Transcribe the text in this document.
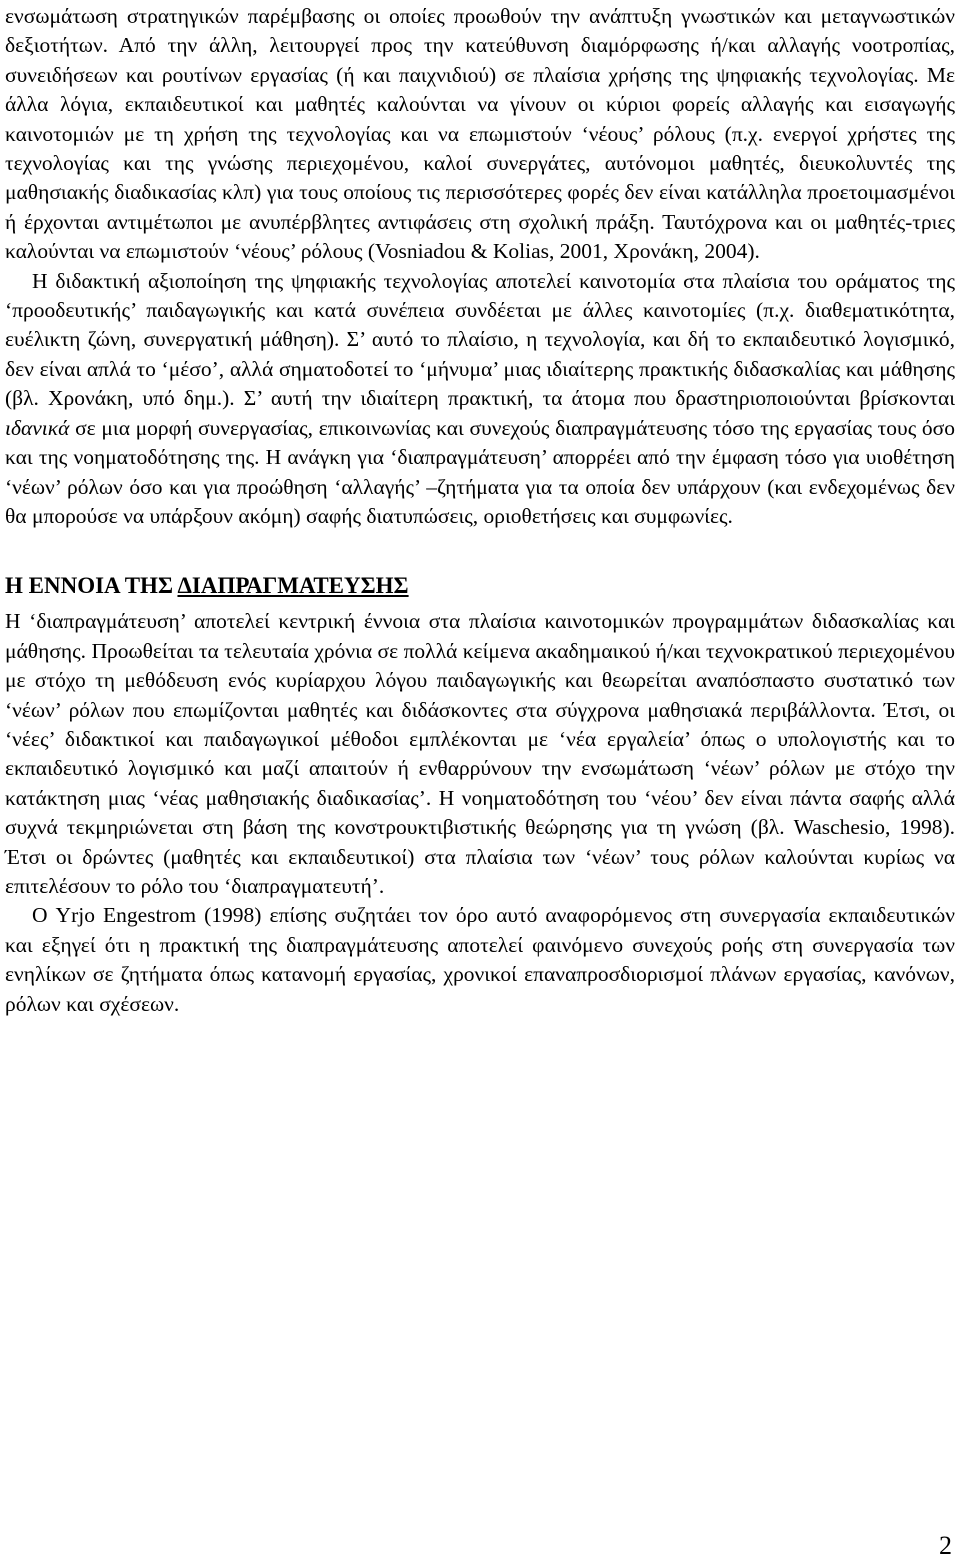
ενσωμάτωση στρατηγικών παρέμβασης οι οποίες προωθούν την ανάπτυξη γνωστικών και μεταγνωστικών δεξιοτήτων. Από την άλλη, λειτουργεί προς την κατεύθυνση διαμόρφωσης ή/και αλλαγής νοοτροπίας, συνειδήσεων και ρουτίνων εργασίας (ή και παιχνιδιού) σε πλαίσια χρήσης της ψηφιακής τεχνολογίας. Με άλλα λόγια, εκπαιδευτικοί και μαθητές καλούνται να γίνουν οι κύριοι φορείς αλλαγής και εισαγωγής καινοτομιών με τη χρήση της τεχνολογίας και να επωμιστούν ‘νέους’ ρόλους (π.χ. ενεργοί χρήστες της τεχνολογίας και της γνώσης περιεχομένου, καλοί συνεργάτες, αυτόνομοι μαθητές, διευκολυντές της μαθησιακής διαδικασίας κλπ) για τους οποίους τις περισσότερες φορές δεν είναι κατάλληλα προετοιμασμένοι ή έρχονται αντιμέτωποι με ανυπέρβλητες αντιφάσεις στη σχολική πράξη. Ταυτόχρονα και οι μαθητές-τριες καλούνται να επωμιστούν ‘νέους’ ρόλους (Vosniadou & Kolias, 2001, Χρονάκη, 2004).

Η διδακτική αξιοποίηση της ψηφιακής τεχνολογίας αποτελεί καινοτομία στα πλαίσια του οράματος της ‘προοδευτικής’ παιδαγωγικής και κατά συνέπεια συνδέεται με άλλες καινοτομίες (π.χ. διαθεματικότητα, ευέλικτη ζώνη, συνεργατική μάθηση). Σ’ αυτό το πλαίσιο, η τεχνολογία, και δή το εκπαιδευτικό λογισμικό, δεν είναι απλά το ‘μέσο’, αλλά σηματοδοτεί το ‘μήνυμα’ μιας ιδιαίτερης πρακτικής διδασκαλίας και μάθησης (βλ. Χρονάκη, υπό δημ.). Σ’ αυτή την ιδιαίτερη πρακτική, τα άτομα που δραστηριοποιούνται βρίσκονται ιδανικά σε μια μορφή συνεργασίας, επικοινωνίας και συνεχούς διαπραγμάτευσης τόσο της εργασίας τους όσο και της νοηματοδότησης της. Η ανάγκη για ‘διαπραγμάτευση’ απορρέει από την έμφαση τόσο για υιοθέτηση ‘νέων’ ρόλων όσο και για προώθηση ‘αλλαγής’ –ζητήματα για τα οποία δεν υπάρχουν (και ενδεχομένως δεν θα μπορούσε να υπάρξουν ακόμη) σαφής διατυπώσεις, οριοθετήσεις και συμφωνίες.

Η ΕΝΝΟΙΑ ΤΗΣ ΔΙΑΠΡΑΓΜΑΤΕΥΣΗΣ

Η ‘διαπραγμάτευση’ αποτελεί κεντρική έννοια στα πλαίσια καινοτομικών προγραμμάτων διδασκαλίας και μάθησης. Προωθείται τα τελευταία χρόνια σε πολλά κείμενα ακαδημαικού ή/και τεχνοκρατικού περιεχομένου με στόχο τη μεθόδευση ενός κυρίαρχου λόγου παιδαγωγικής και θεωρείται αναπόσπαστο συστατικό των ‘νέων’ ρόλων που επωμίζονται μαθητές και διδάσκοντες στα σύγχρονα μαθησιακά περιβάλλοντα. Έτσι, οι ‘νέες’ διδακτικοί και παιδαγωγικοί μέθοδοι εμπλέκονται με ‘νέα εργαλεία’ όπως ο υπολογιστής και το εκπαιδευτικό λογισμικό και μαζί απαιτούν ή ενθαρρύνουν την ενσωμάτωση ‘νέων’ ρόλων με στόχο την κατάκτηση μιας ‘νέας μαθησιακής διαδικασίας’. Η νοηματοδότηση του ‘νέου’ δεν είναι πάντα σαφής αλλά συχνά τεκμηριώνεται στη βάση της κονστρουκτιβιστικής θεώρησης για τη γνώση (βλ. Waschesio, 1998). Έτσι οι δρώντες (μαθητές και εκπαιδευτικοί) στα πλαίσια των ‘νέων’ τους ρόλων καλούνται κυρίως να επιτελέσουν το ρόλο του ‘διαπραγματευτή’.

Ο Yrjo Engestrom (1998) επίσης συζητάει τον όρο αυτό αναφορόμενος στη συνεργασία εκπαιδευτικών και εξηγεί ότι η πρακτική της διαπραγμάτευσης αποτελεί φαινόμενο συνεχούς ροής στη συνεργασία των ενηλίκων σε ζητήματα όπως κατανομή εργασίας, χρονικοί επαναπροσδιορισμοί πλάνων εργασίας, κανόνων, ρόλων και σχέσεων.

2
